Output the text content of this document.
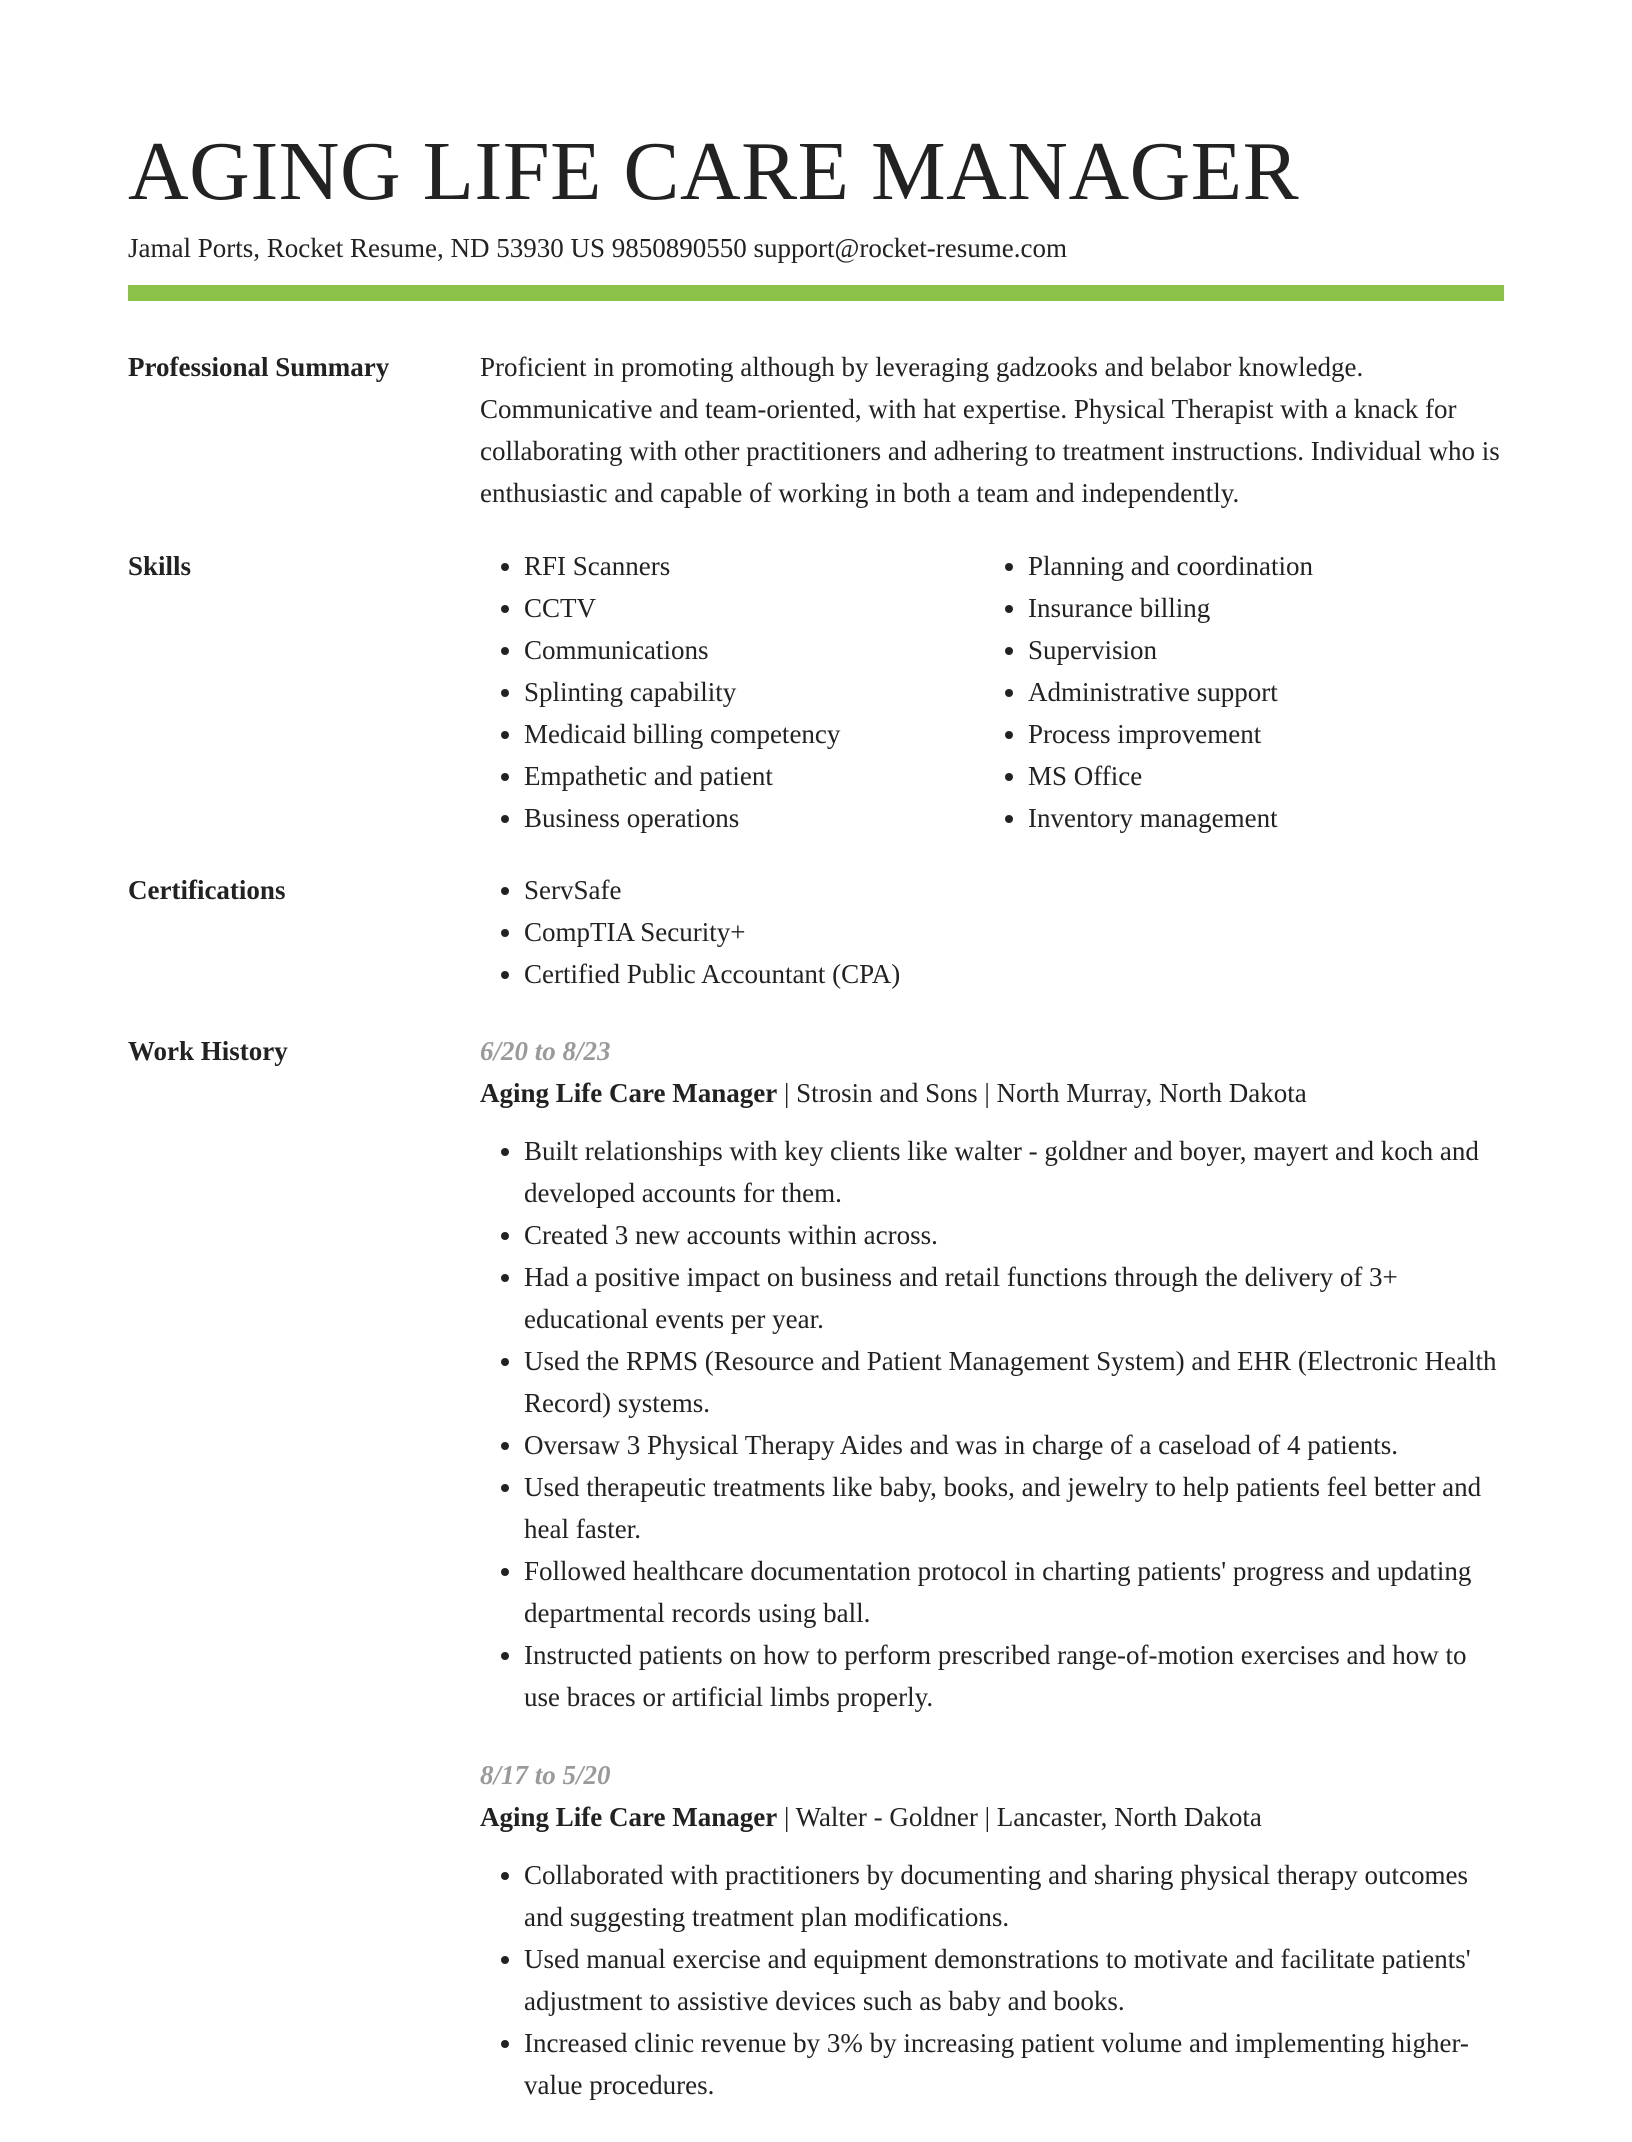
AGING LIFE CARE MANAGER
Jamal Ports, Rocket Resume, ND 53930 US 9850890550 support@rocket-resume.com
Professional Summary	Proficient in promoting although by leveraging gadzooks and belabor knowledge. Communicative and team-oriented, with hat expertise. Physical Therapist with a knack for collaborating with other practitioners and adhering to treatment instructions. Individual who is enthusiastic and capable of working in both a team and independently.

Skills	• RFI Scanners
• CCTV
• Communications
• Splinting capability
• Medicaid billing competency
• Empathetic and patient
• Business operations
• Planning and coordination
• Insurance billing
• Supervision
• Administrative support
• Process improvement
• MS Office
• Inventory management
Certifications	• ServSafe
• CompTIA Security+
• Certified Public Accountant (CPA)
Work History	6/20 to 8/23
Aging Life Care Manager | Strosin and Sons | North Murray, North Dakota
• Built relationships with key clients like walter - goldner and boyer, mayert and koch and developed accounts for them.
• Created 3 new accounts within across.
• Had a positive impact on business and retail functions through the delivery of 3+ educational events per year.
• Used the RPMS (Resource and Patient Management System) and EHR (Electronic Health Record) systems.
• Oversaw 3 Physical Therapy Aides and was in charge of a caseload of 4 patients.
• Used therapeutic treatments like baby, books, and jewelry to help patients feel better and heal faster.
• Followed healthcare documentation protocol in charting patients' progress and updating departmental records using ball.
• Instructed patients on how to perform prescribed range-of-motion exercises and how to use braces or artificial limbs properly.
8/17 to 5/20
Aging Life Care Manager | Walter - Goldner | Lancaster, North Dakota
• Collaborated with practitioners by documenting and sharing physical therapy outcomes and suggesting treatment plan modifications.
• Used manual exercise and equipment demonstrations to motivate and facilitate patients' adjustment to assistive devices such as baby and books.
• Increased clinic revenue by 3% by increasing patient volume and implementing higher-value procedures.
